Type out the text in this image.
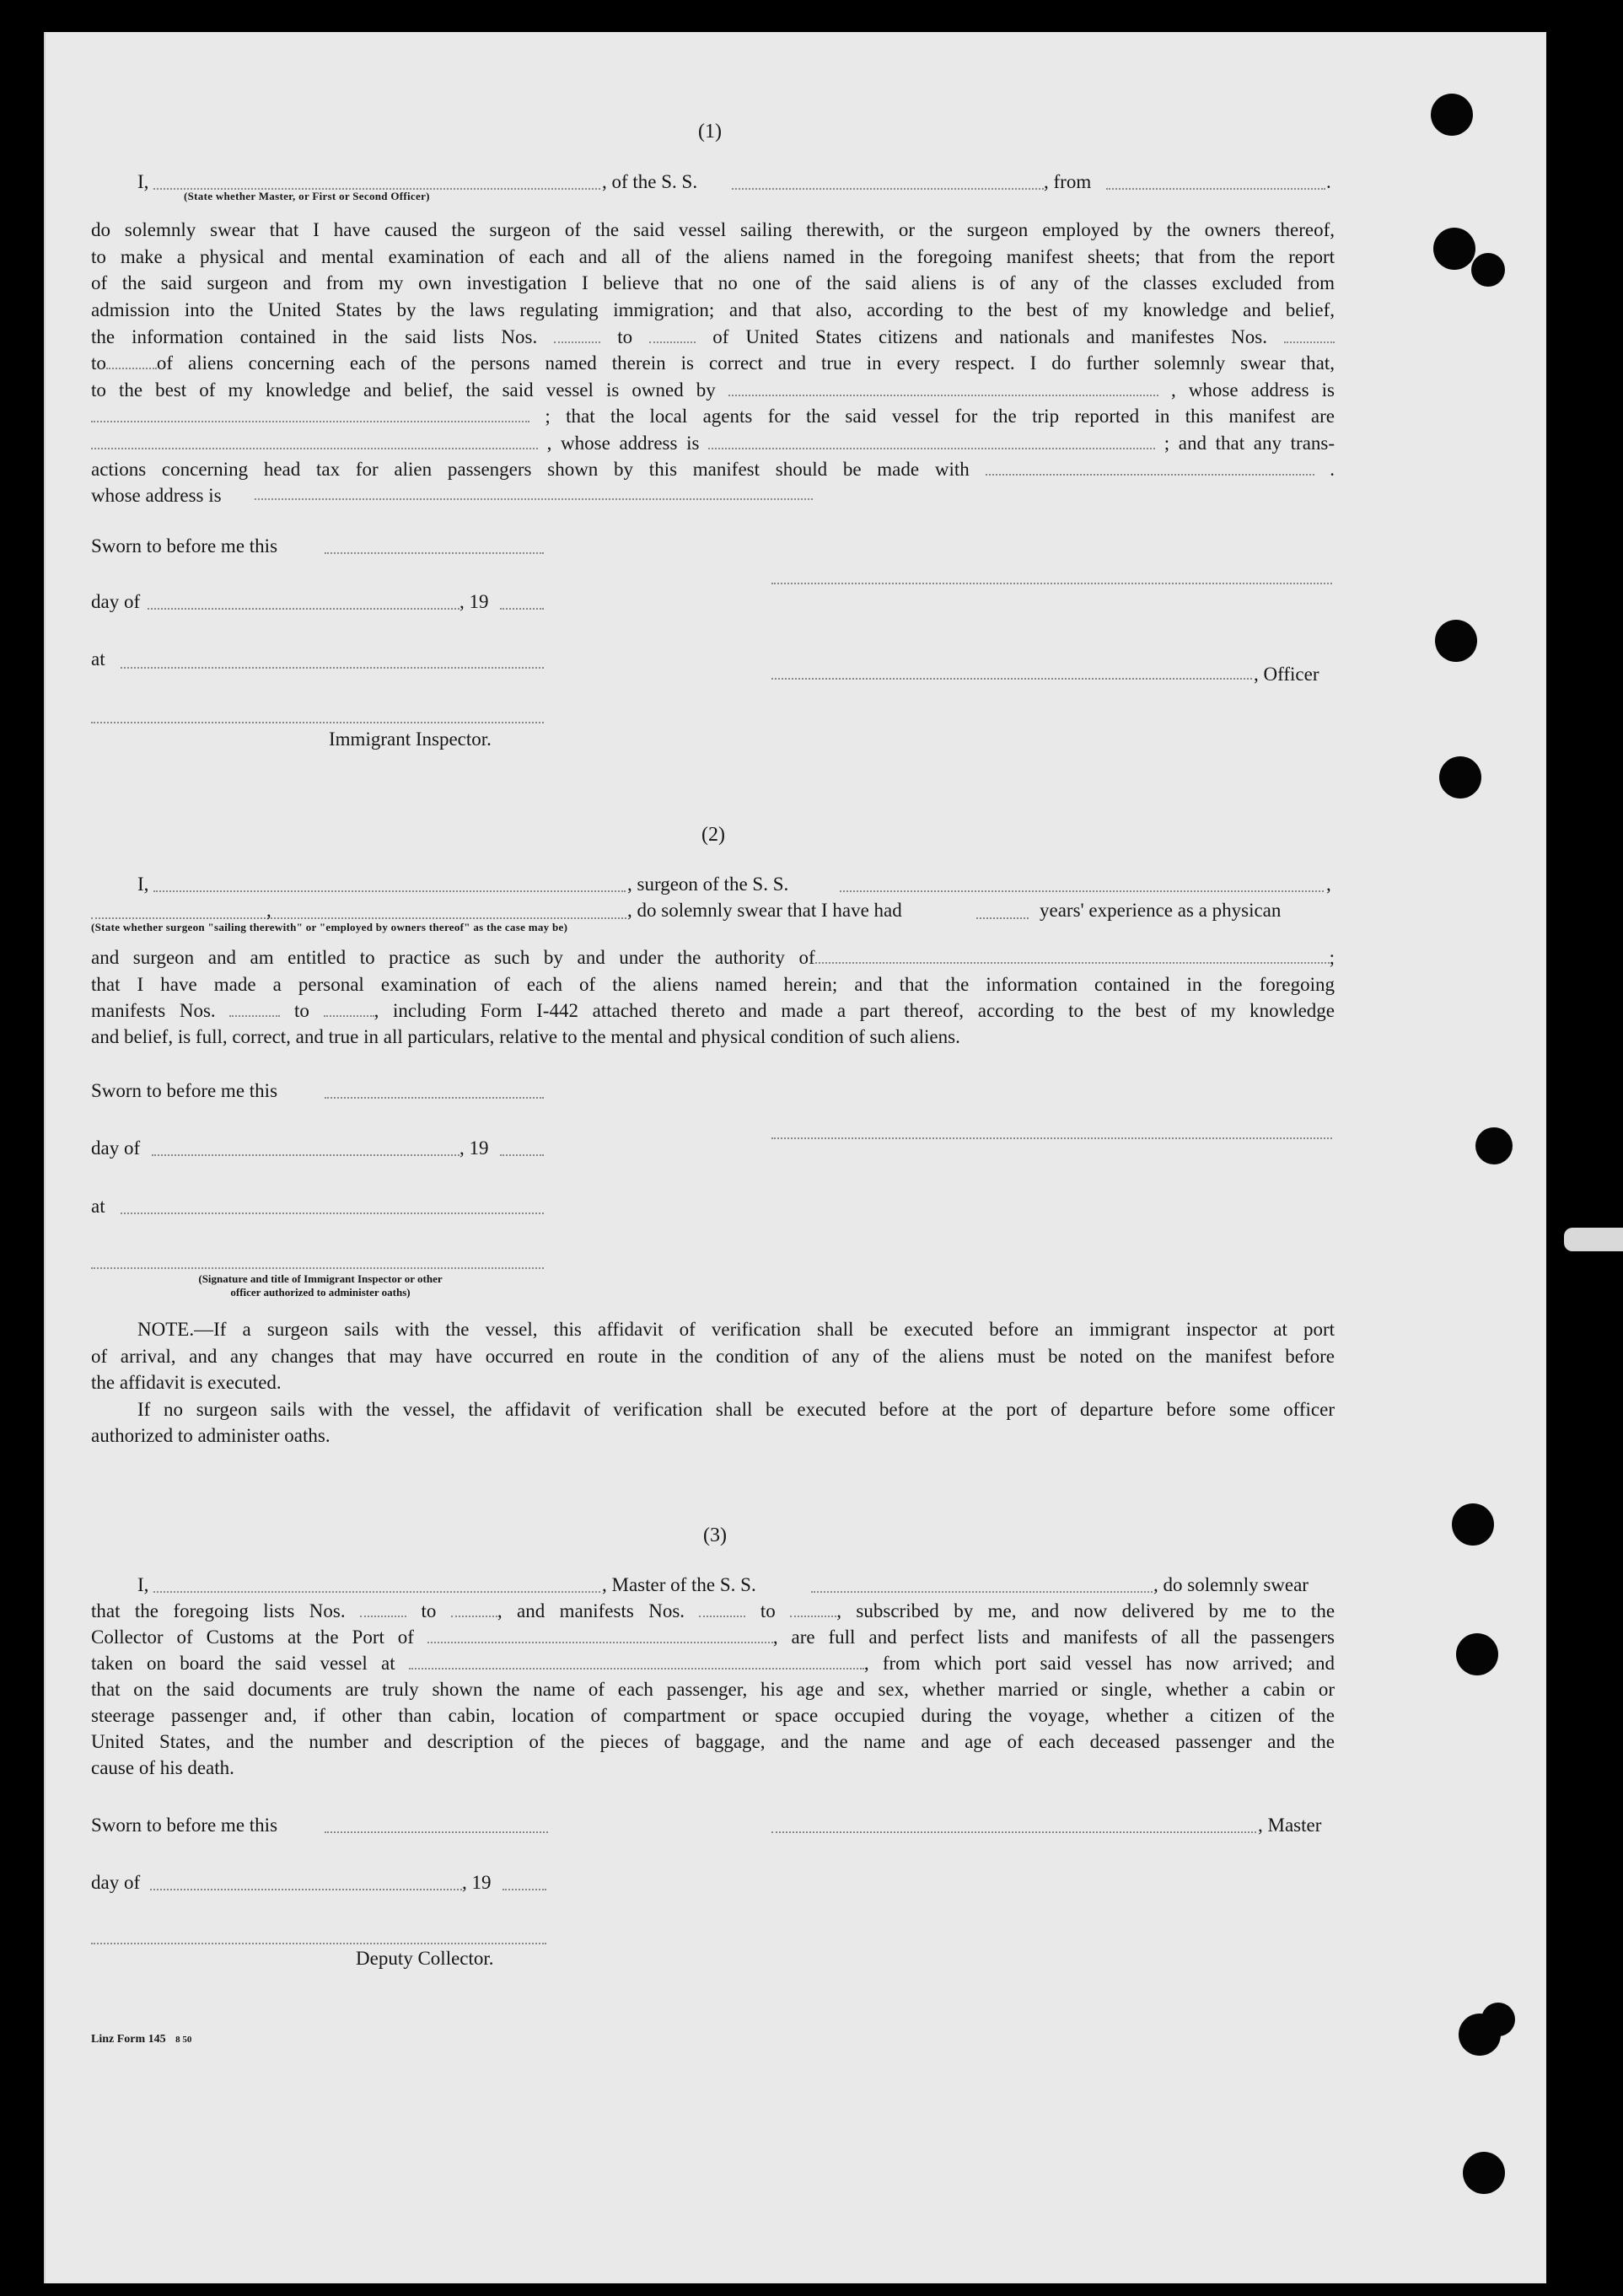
(1)
I,	, of the S. S.	, from	.
(State whether Master, or First or Second Officer)
do solemnly swear that I have caused the surgeon of the said vessel sailing therewith, or the surgeon employed by the owners thereof,
to make a physical and mental examination of each and all of the aliens named in the foregoing manifest sheets; that from the report
of the said surgeon and from my own investigation I believe that no one of the said aliens is of any of the classes excluded from
admission into the United States by the laws regulating immigration; and that also, according to the best of my knowledge and belief,
the information contained in the said lists Nos.	to	of United States citizens and nationals and manifestes Nos.
to	of aliens concerning each of the persons named therein is correct and true in every respect. I do further solemnly swear that,
to the best of my knowledge and belief, the said vessel is owned by	, whose address is
; that the local agents for the said vessel for the trip reported in this manifest are
, whose address is	; and that any trans-
actions concerning head tax for alien passengers shown by this manifest should be made with	.
whose address is
Sworn to before me this
day of	, 19
at
, Officer
Immigrant Inspector.
(2)
I,	, surgeon of the S. S.	,
,	, do solemnly swear that I have had	years' experience as a physican
(State whether surgeon "sailing therewith" or "employed by owners thereof" as the case may be)
and surgeon and am entitled to practice as such by and under the authority of	;
that I have made a personal examination of each of the aliens named herein; and that the information contained in the foregoing
manifests Nos.	to	, including Form I-442 attached thereto and made a part thereof, according to the best of my knowledge
and belief, is full, correct, and true in all particulars, relative to the mental and physical condition of such aliens.
Sworn to before me this
day of	, 19
at
(Signature and title of Immigrant Inspector or other
officer authorized to administer oaths)
NOTE.—If a surgeon sails with the vessel, this affidavit of verification shall be executed before an immigrant inspector at port
of arrival, and any changes that may have occurred en route in the condition of any of the aliens must be noted on the manifest before
the affidavit is executed.
If no surgeon sails with the vessel, the affidavit of verification shall be executed before at the port of departure before some officer
authorized to administer oaths.
(3)
I,	, Master of the S. S.	, do solemnly swear
that the foregoing lists Nos.	to	, and manifests Nos.	to	, subscribed by me, and now delivered by me to the
Collector of Customs at the Port of	, are full and perfect lists and manifests of all the passengers
taken on board the said vessel at	, from which port said vessel has now arrived; and
that on the said documents are truly shown the name of each passenger, his age and sex, whether married or single, whether a cabin or
steerage passenger and, if other than cabin, location of compartment or space occupied during the voyage, whether a citizen of the
United States, and the number and description of the pieces of baggage, and the name and age of each deceased passenger and the
cause of his death.
Sworn to before me this	, Master
day of	, 19
Deputy Collector.
Linz Form 145 8 50
